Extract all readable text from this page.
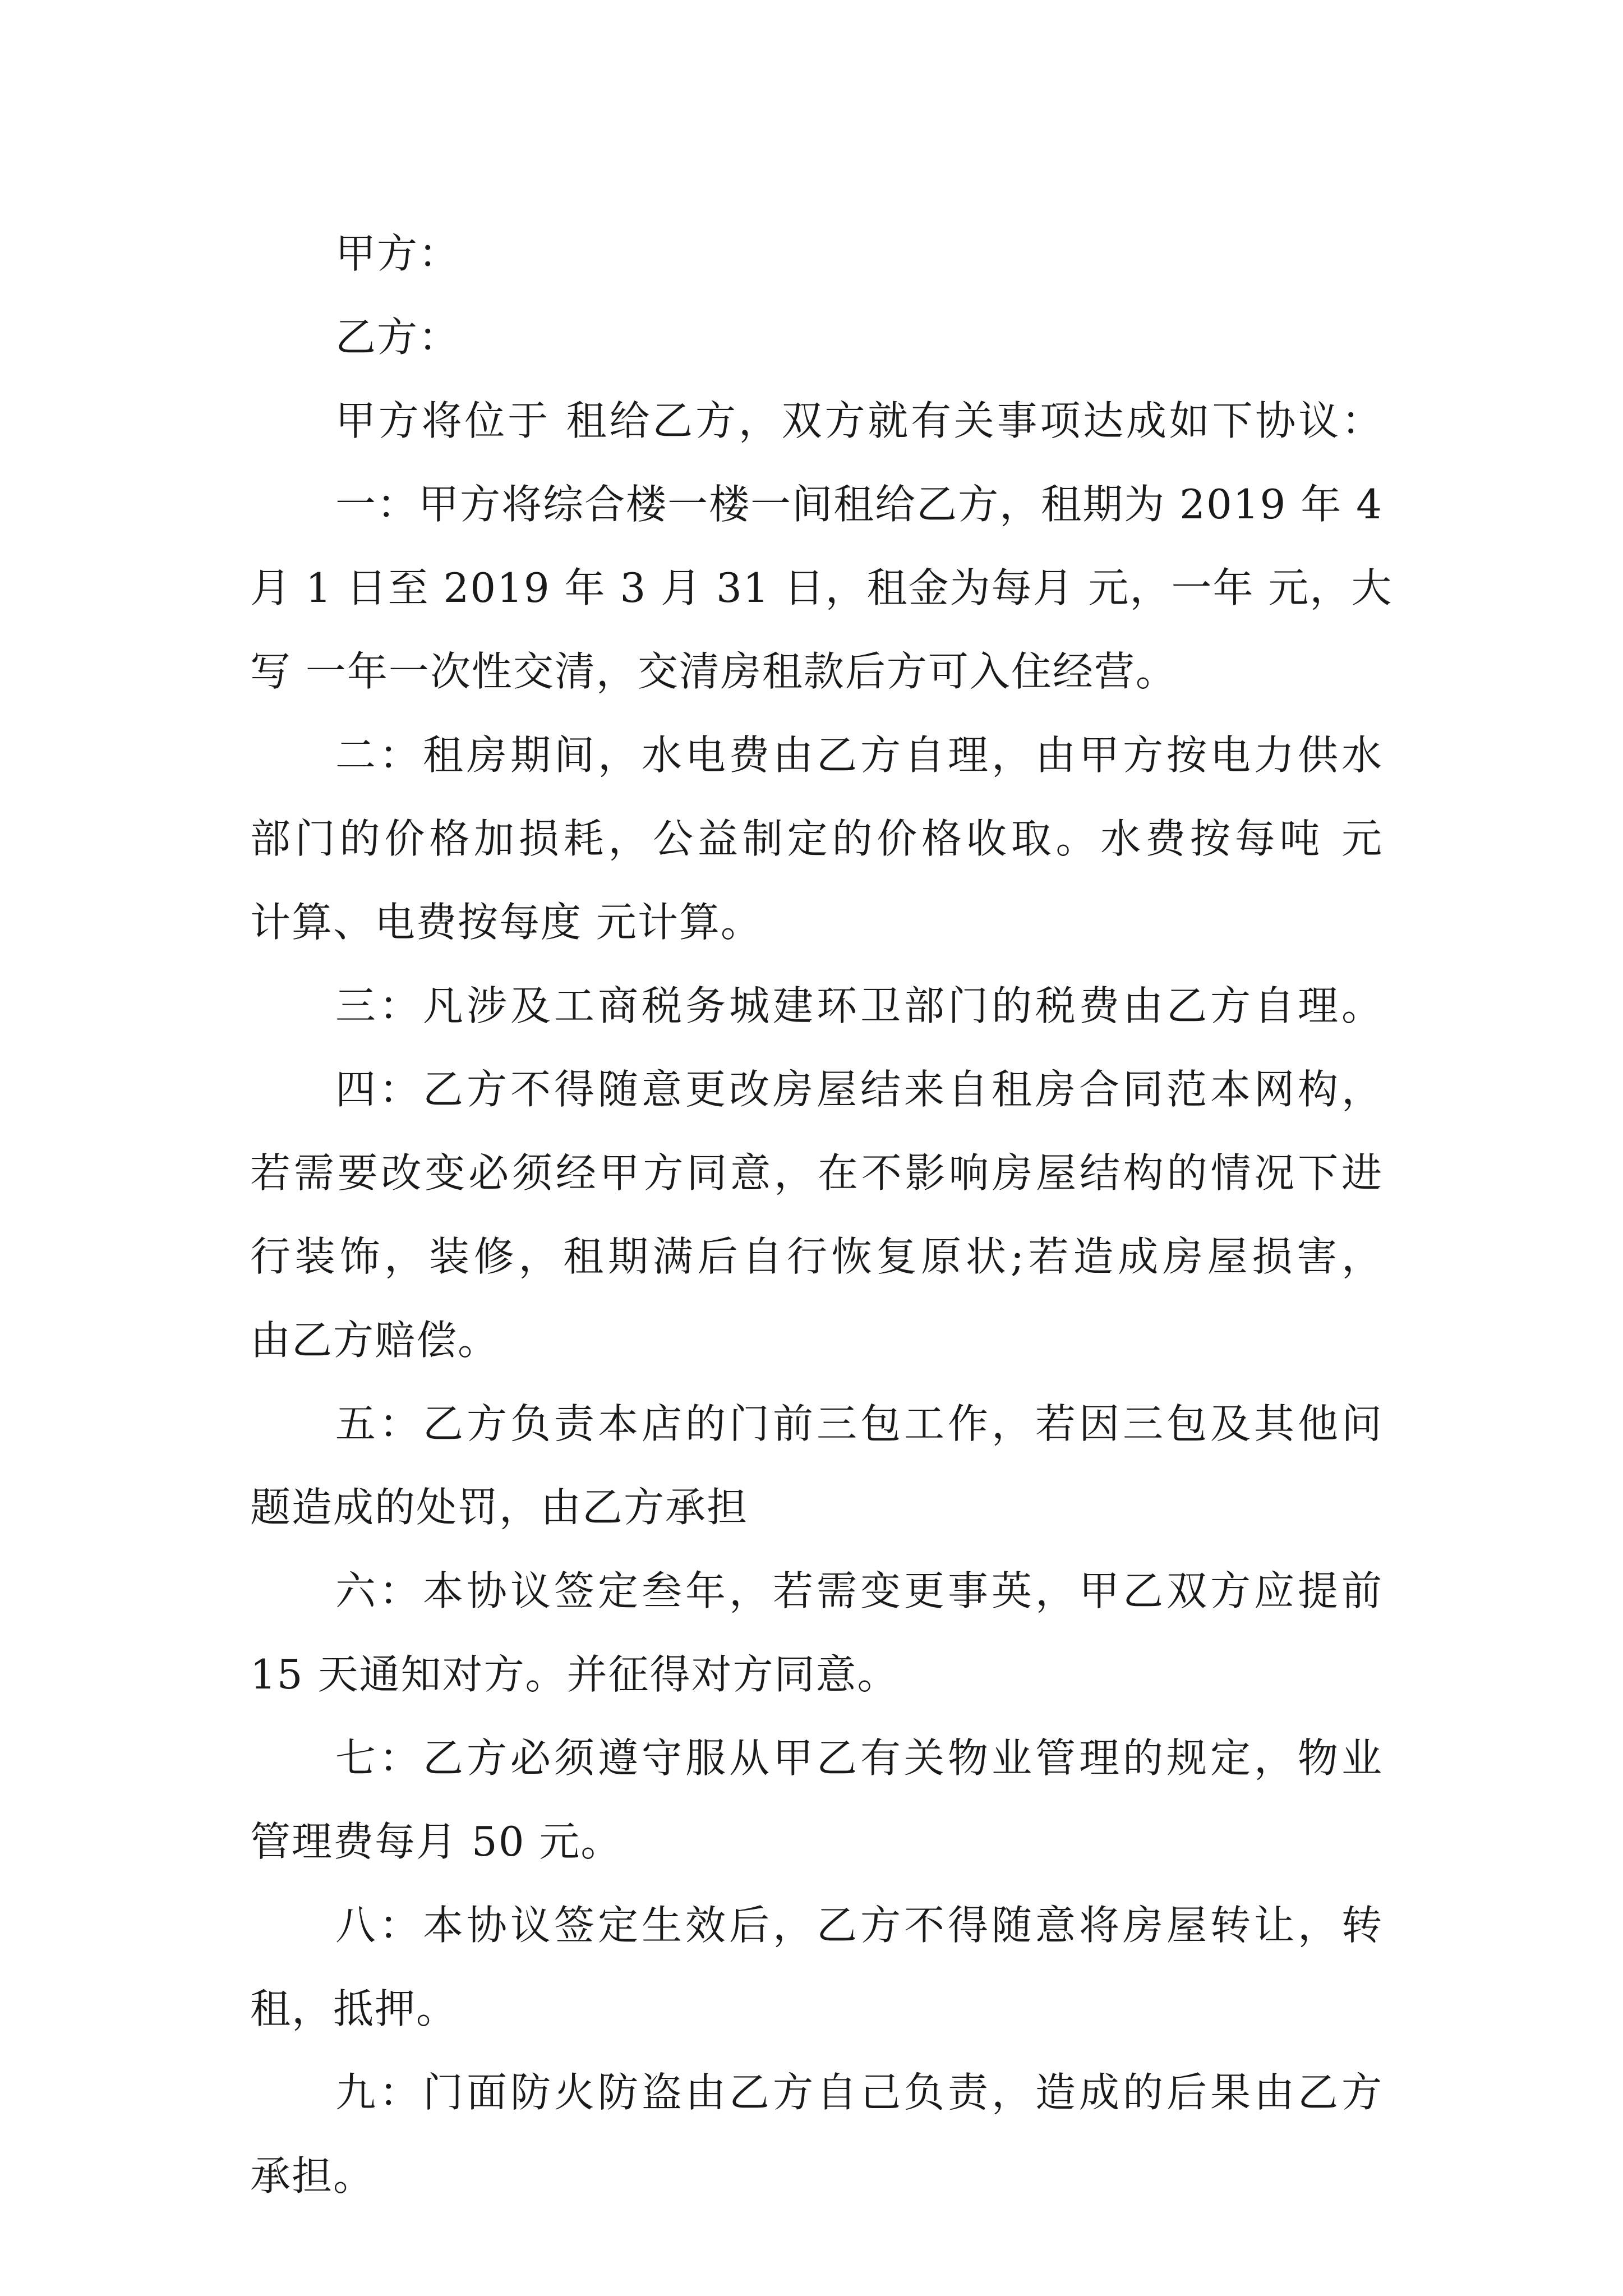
甲方：
乙方：
甲方将位于 租给乙方，双方就有关事项达成如下协议：
一：甲方将综合楼一楼一间租给乙方，租期为 2019 年 4
月 1 日至 2019 年 3 月 31 日，租金为每月 元，一年 元，大
写 一年一次性交清，交清房租款后方可入住经营。
二：租房期间，水电费由乙方自理，由甲方按电力供水
部门的价格加损耗，公益制定的价格收取。水费按每吨 元
计算、电费按每度 元计算。
三：凡涉及工商税务城建环卫部门的税费由乙方自理。
四：乙方不得随意更改房屋结来自租房合同范本网构，
若需要改变必须经甲方同意，在不影响房屋结构的情况下进
行装饰，装修，租期满后自行恢复原状;若造成房屋损害，
由乙方赔偿。
五：乙方负责本店的门前三包工作，若因三包及其他问
题造成的处罚，由乙方承担
六：本协议签定叁年，若需变更事英，甲乙双方应提前
15 天通知对方。并征得对方同意。
七：乙方必须遵守服从甲乙有关物业管理的规定，物业
管理费每月 50 元。
八：本协议签定生效后，乙方不得随意将房屋转让，转
租，抵押。
九：门面防火防盗由乙方自己负责，造成的后果由乙方
承担。
